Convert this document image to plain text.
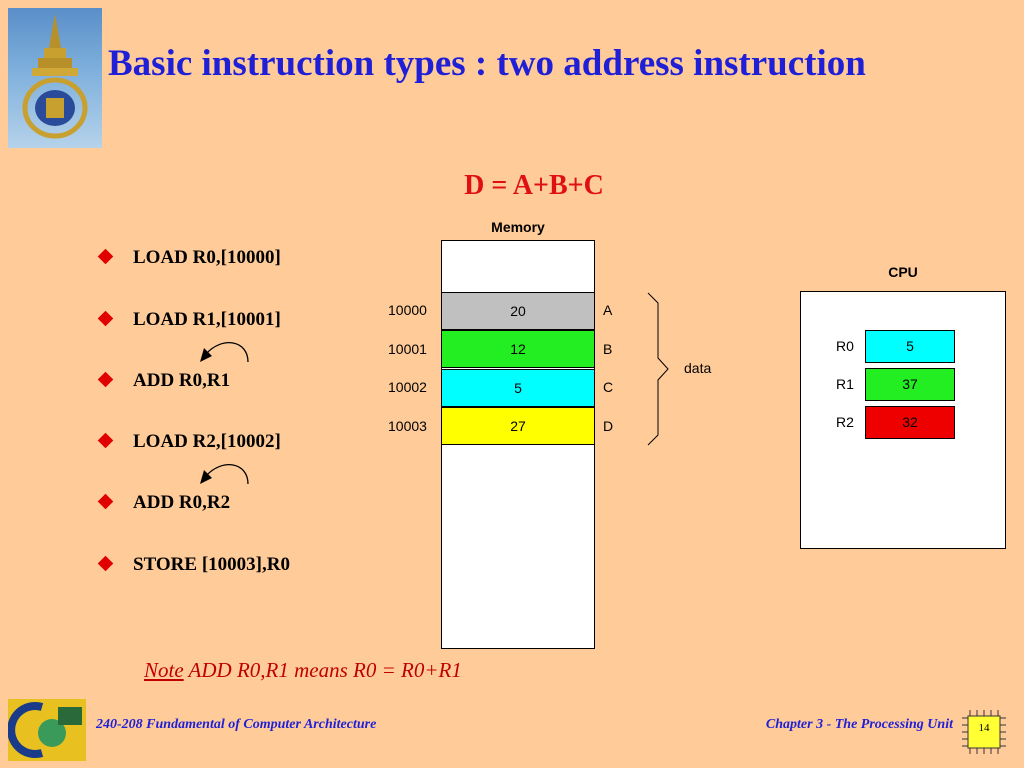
Basic instruction types : two address instruction
D = A+B+C
LOAD R0,[10000]
LOAD R1,[10001]
ADD R0,R1
LOAD R2,[10002]
ADD R0,R2
STORE [10003],R0
Memory
10000	20	A
10001	12	B
10002	5	C
10003	27	D
data
CPU
R0	5
R1	37
R2	32
Note ADD R0,R1 means R0 = R0+R1
240-208 Fundamental of Computer Architecture	Chapter 3 - The Processing Unit	14
